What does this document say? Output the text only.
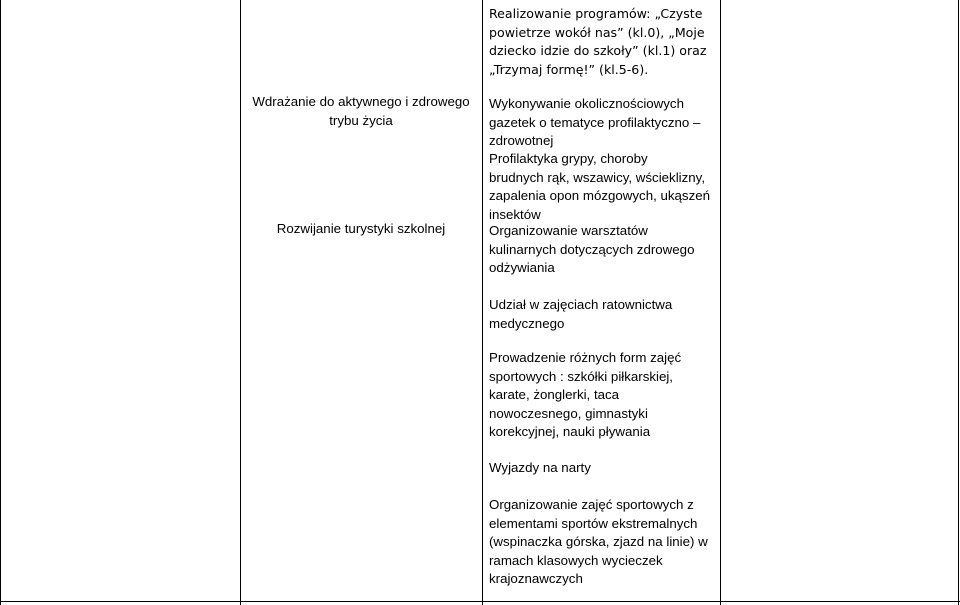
Wdrażanie do aktywnego i zdrowego
trybu życia
Rozwijanie turystyki szkolnej
Realizowanie programów: „Czyste
powietrze wokół nas” (kl.0), „Moje
dziecko idzie do szkoły” (kl.1) oraz
„Trzymaj formę!” (kl.5-6).
Wykonywanie okolicznościowych
gazetek o tematyce profilaktyczno –
zdrowotnej
Profilaktyka grypy, choroby
brudnych rąk, wszawicy, wścieklizny,
zapalenia opon mózgowych, ukąszeń
insektów
Organizowanie warsztatów
kulinarnych dotyczących zdrowego
odżywiania
Udział w zajęciach ratownictwa
medycznego
Prowadzenie różnych form zajęć
sportowych : szkółki piłkarskiej,
karate, żonglerki, taca
nowoczesnego, gimnastyki
korekcyjnej, nauki pływania
Wyjazdy na narty
Organizowanie zajęć sportowych z
elementami sportów ekstremalnych
(wspinaczka górska, zjazd na linie) w
ramach klasowych wycieczek
krajoznawczych
